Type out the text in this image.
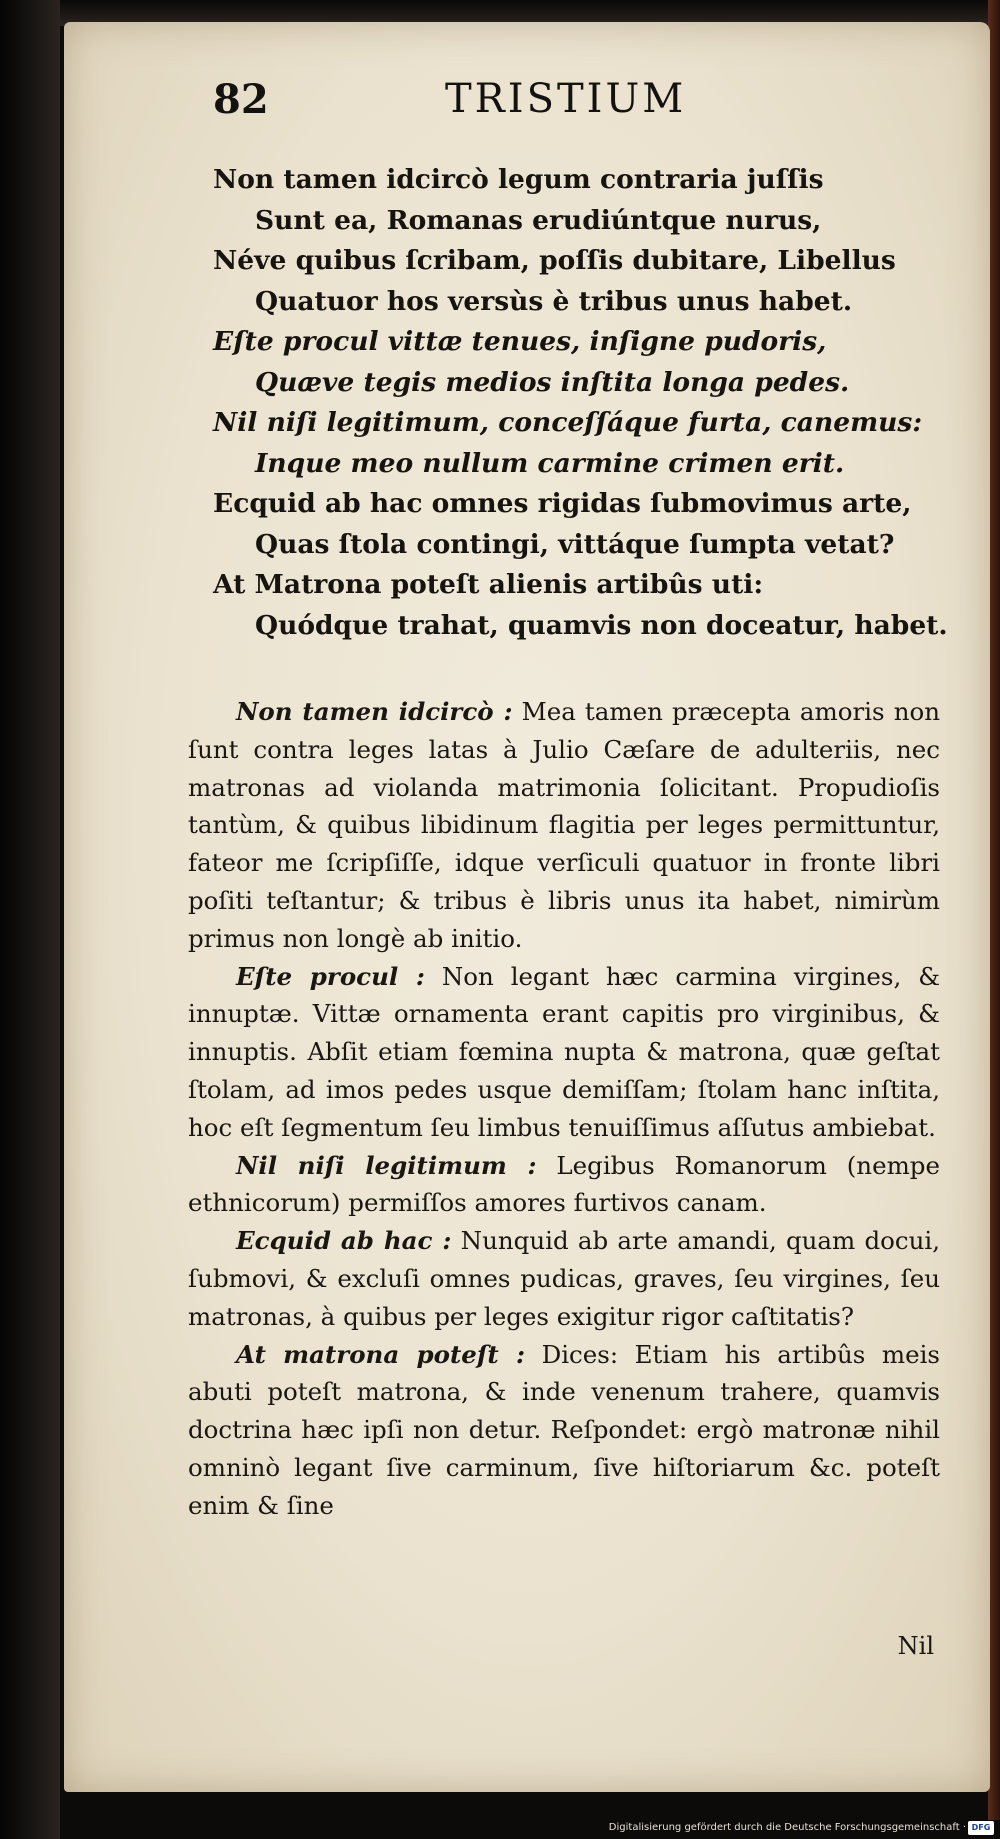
82	TRISTIUM
Non tamen idcircò legum contraria juſſis
Sunt ea, Romanas erudiúntque nurus,
Néve quibus ſcribam, poſſis dubitare, Libellus
Quatuor hos versùs è tribus unus habet.
Eſte procul vittæ tenues, inſigne pudoris,
Quæve tegis medios inſtita longa pedes.
Nil niſi legitimum, conceſſáque furta, canemus:
Inque meo nullum carmine crimen erit.
Ecquid ab hac omnes rigidas ſubmovimus arte,
Quas ſtola contingi, vittáque ſumpta vetat?
At Matrona poteſt alienis artibûs uti:
Quódque trahat, quamvis non doceatur, habet.

Non tamen idcircò : Mea tamen præcepta amoris non ſunt contra leges latas à Julio Cæſare de adulteriis, nec matronas ad violanda matrimonia ſolicitant. Propudioſis tantùm, & quibus libidinum flagitia per leges permittuntur, fateor me ſcripſiſſe, idque verſiculi quatuor in fronte libri poſiti teſtantur; & tribus è libris unus ita habet, nimirùm primus non longè ab initio.

Eſte procul : Non legant hæc carmina virgines, & innuptæ. Vittæ ornamenta erant capitis pro virginibus, & innuptis. Abſit etiam fœmina nupta & matrona, quæ geſtat ſtolam, ad imos pedes usque demiſſam; ſtolam hanc inſtita, hoc eſt ſegmentum ſeu limbus tenuiſſimus aſſutus ambiebat.

Nil niſi legitimum : Legibus Romanorum (nempe ethnicorum) permiſſos amores furtivos canam.

Ecquid ab hac : Nunquid ab arte amandi, quam docui, ſubmovi, & excluſi omnes pudicas, graves, ſeu virgines, ſeu matronas, à quibus per leges exigitur rigor caſtitatis?

At matrona poteſt : Dices: Etiam his artibûs meis abuti poteſt matrona, & inde venenum trahere, quamvis doctrina hæc ipſi non detur. Reſpondet: ergò matronæ nihil omninò legant ſive carminum, ſive hiſtoriarum &c. poteſt enim & ſine

Nil
Digitalisierung gefördert durch die Deutsche Forschungsgemeinschaft · DFG
